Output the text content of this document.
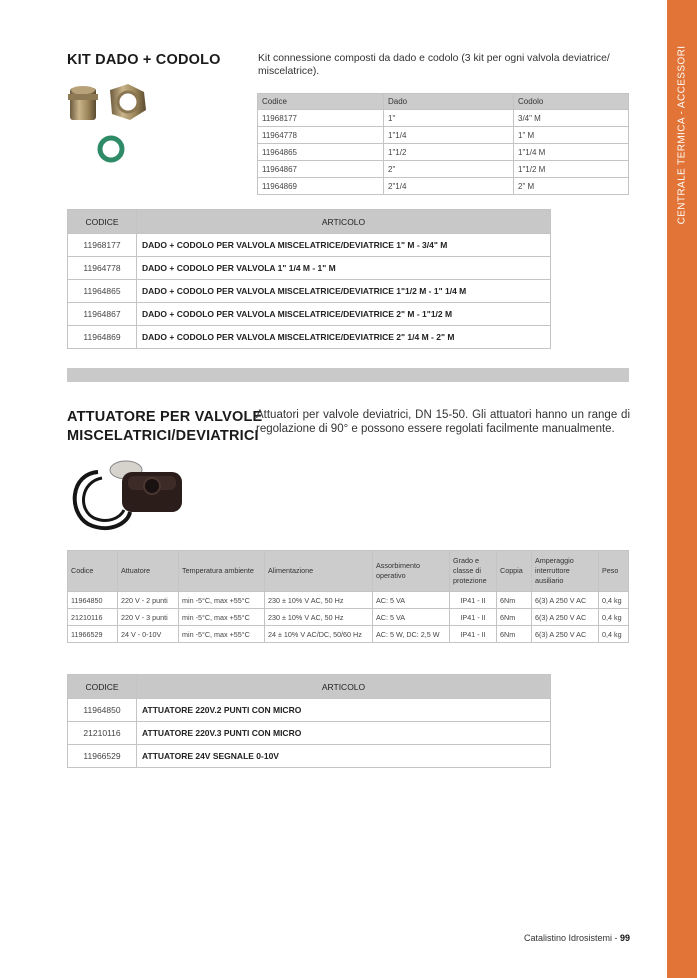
CENTRALE TERMICA - ACCESSORI
KIT DADO + CODOLO	Kit connessione composti da dado e codolo (3 kit per ogni valvola deviatrice/ miscelatrice).
Codice	Dado	Codolo
11968177	1"	3/4" M
11964778	1"1/4	1" M
11964865	1"1/2	1"1/4 M
11964867	2"	1"1/2 M
11964869	2"1/4	2" M
CODICE	ARTICOLO
11968177	DADO + CODOLO PER VALVOLA MISCELATRICE/DEVIATRICE 1" M - 3/4" M
11964778	DADO + CODOLO PER VALVOLA 1" 1/4 M - 1" M
11964865	DADO + CODOLO PER VALVOLA MISCELATRICE/DEVIATRICE 1"1/2 M - 1" 1/4 M
11964867	DADO + CODOLO PER VALVOLA MISCELATRICE/DEVIATRICE 2" M - 1"1/2 M
11964869	DADO + CODOLO PER VALVOLA MISCELATRICE/DEVIATRICE 2" 1/4 M - 2" M
ATTUATORE PER VALVOLE
MISCELATRICI/DEVIATRICI
Attuatori per valvole deviatrici, DN 15-50. Gli attuatori hanno un range di regolazione di 90° e possono essere regolati facilmente manualmente.
Codice	Attuatore	Temperatura ambiente	Alimentazione	Assorbimento operativo	Grado e classe di protezione	Coppia	Amperaggio interruttore ausiliario	Peso
11964850	220 V - 2 punti	min -5°C, max +55°C	230 ± 10% V AC, 50 Hz	AC: 5 VA	IP41 - II	6Nm	6(3) A 250 V AC	0,4 kg
21210116	220 V - 3 punti	min -5°C, max +55°C	230 ± 10% V AC, 50 Hz	AC: 5 VA	IP41 - II	6Nm	6(3) A 250 V AC	0,4 kg
11966529	24 V - 0-10V	min -5°C, max +55°C	24 ± 10% V AC/DC, 50/60 Hz	AC: 5 W, DC: 2,5 W	IP41 - II	6Nm	6(3) A 250 V AC	0,4 kg
CODICE	ARTICOLO
11964850	ATTUATORE 220V.2 PUNTI CON MICRO
21210116	ATTUATORE 220V.3 PUNTI CON MICRO
11966529	ATTUATORE 24V SEGNALE 0-10V
Catalistino Idrosistemi - 99
